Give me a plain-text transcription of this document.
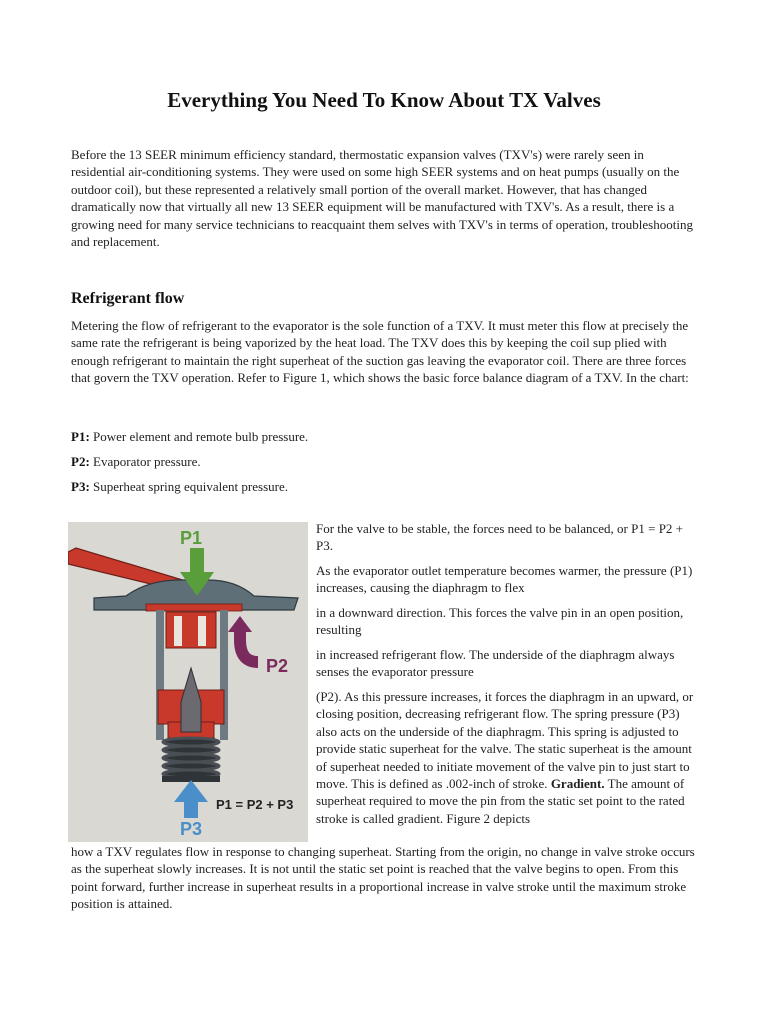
Everything You Need To Know About TX Valves

Before the 13 SEER minimum efficiency standard, thermostatic expansion valves (TXV's) were rarely seen in residential air-conditioning systems. They were used on some high SEER systems and on heat pumps (usually on the outdoor coil), but these represented a relatively small portion of the overall market. However, that has changed dramatically now that virtually all new 13 SEER equipment will be manufactured with TXV's. As a result, there is a growing need for many service technicians to reacquaint them selves with TXV's in terms of operation, troubleshooting and replacement.

Refrigerant flow

Metering the flow of refrigerant to the evaporator is the sole function of a TXV. It must meter this flow at precisely the same rate the refrigerant is being vaporized by the heat load. The TXV does this by keeping the coil sup plied with enough refrigerant to maintain the right superheat of the suction gas leaving the evaporator coil. There are three forces that govern the TXV operation. Refer to Figure 1, which shows the basic force balance diagram of a TXV. In the chart:

P1: Power element and remote bulb pressure.

P2: Evaporator pressure.

P3: Superheat spring equivalent pressure.

P1
P2
P3
P1 = P2 + P3

For the valve to be stable, the forces need to be balanced, or P1 = P2 + P3.

As the evaporator outlet temperature becomes warmer, the pressure (P1) increases, causing the diaphragm to flex

in a downward direction. This forces the valve pin in an open position, resulting

in increased refrigerant flow. The underside of the diaphragm always senses the evaporator pressure

(P2). As this pressure increases, it forces the diaphragm in an upward, or closing position, decreasing refrigerant flow. The spring pressure (P3) also acts on the underside of the diaphragm. This spring is adjusted to provide static superheat for the valve. The static superheat is the amount of superheat needed to initiate movement of the valve pin to just start to move. This is defined as .002-inch of stroke. Gradient. The amount of superheat required to move the pin from the static set point to the rated stroke is called gradient. Figure 2 depicts

how a TXV regulates flow in response to changing superheat. Starting from the origin, no change in valve stroke occurs as the superheat slowly increases. It is not until the static set point is reached that the valve begins to open. From this point forward, further increase in superheat results in a proportional increase in valve stroke until the maximum stroke position is attained.
